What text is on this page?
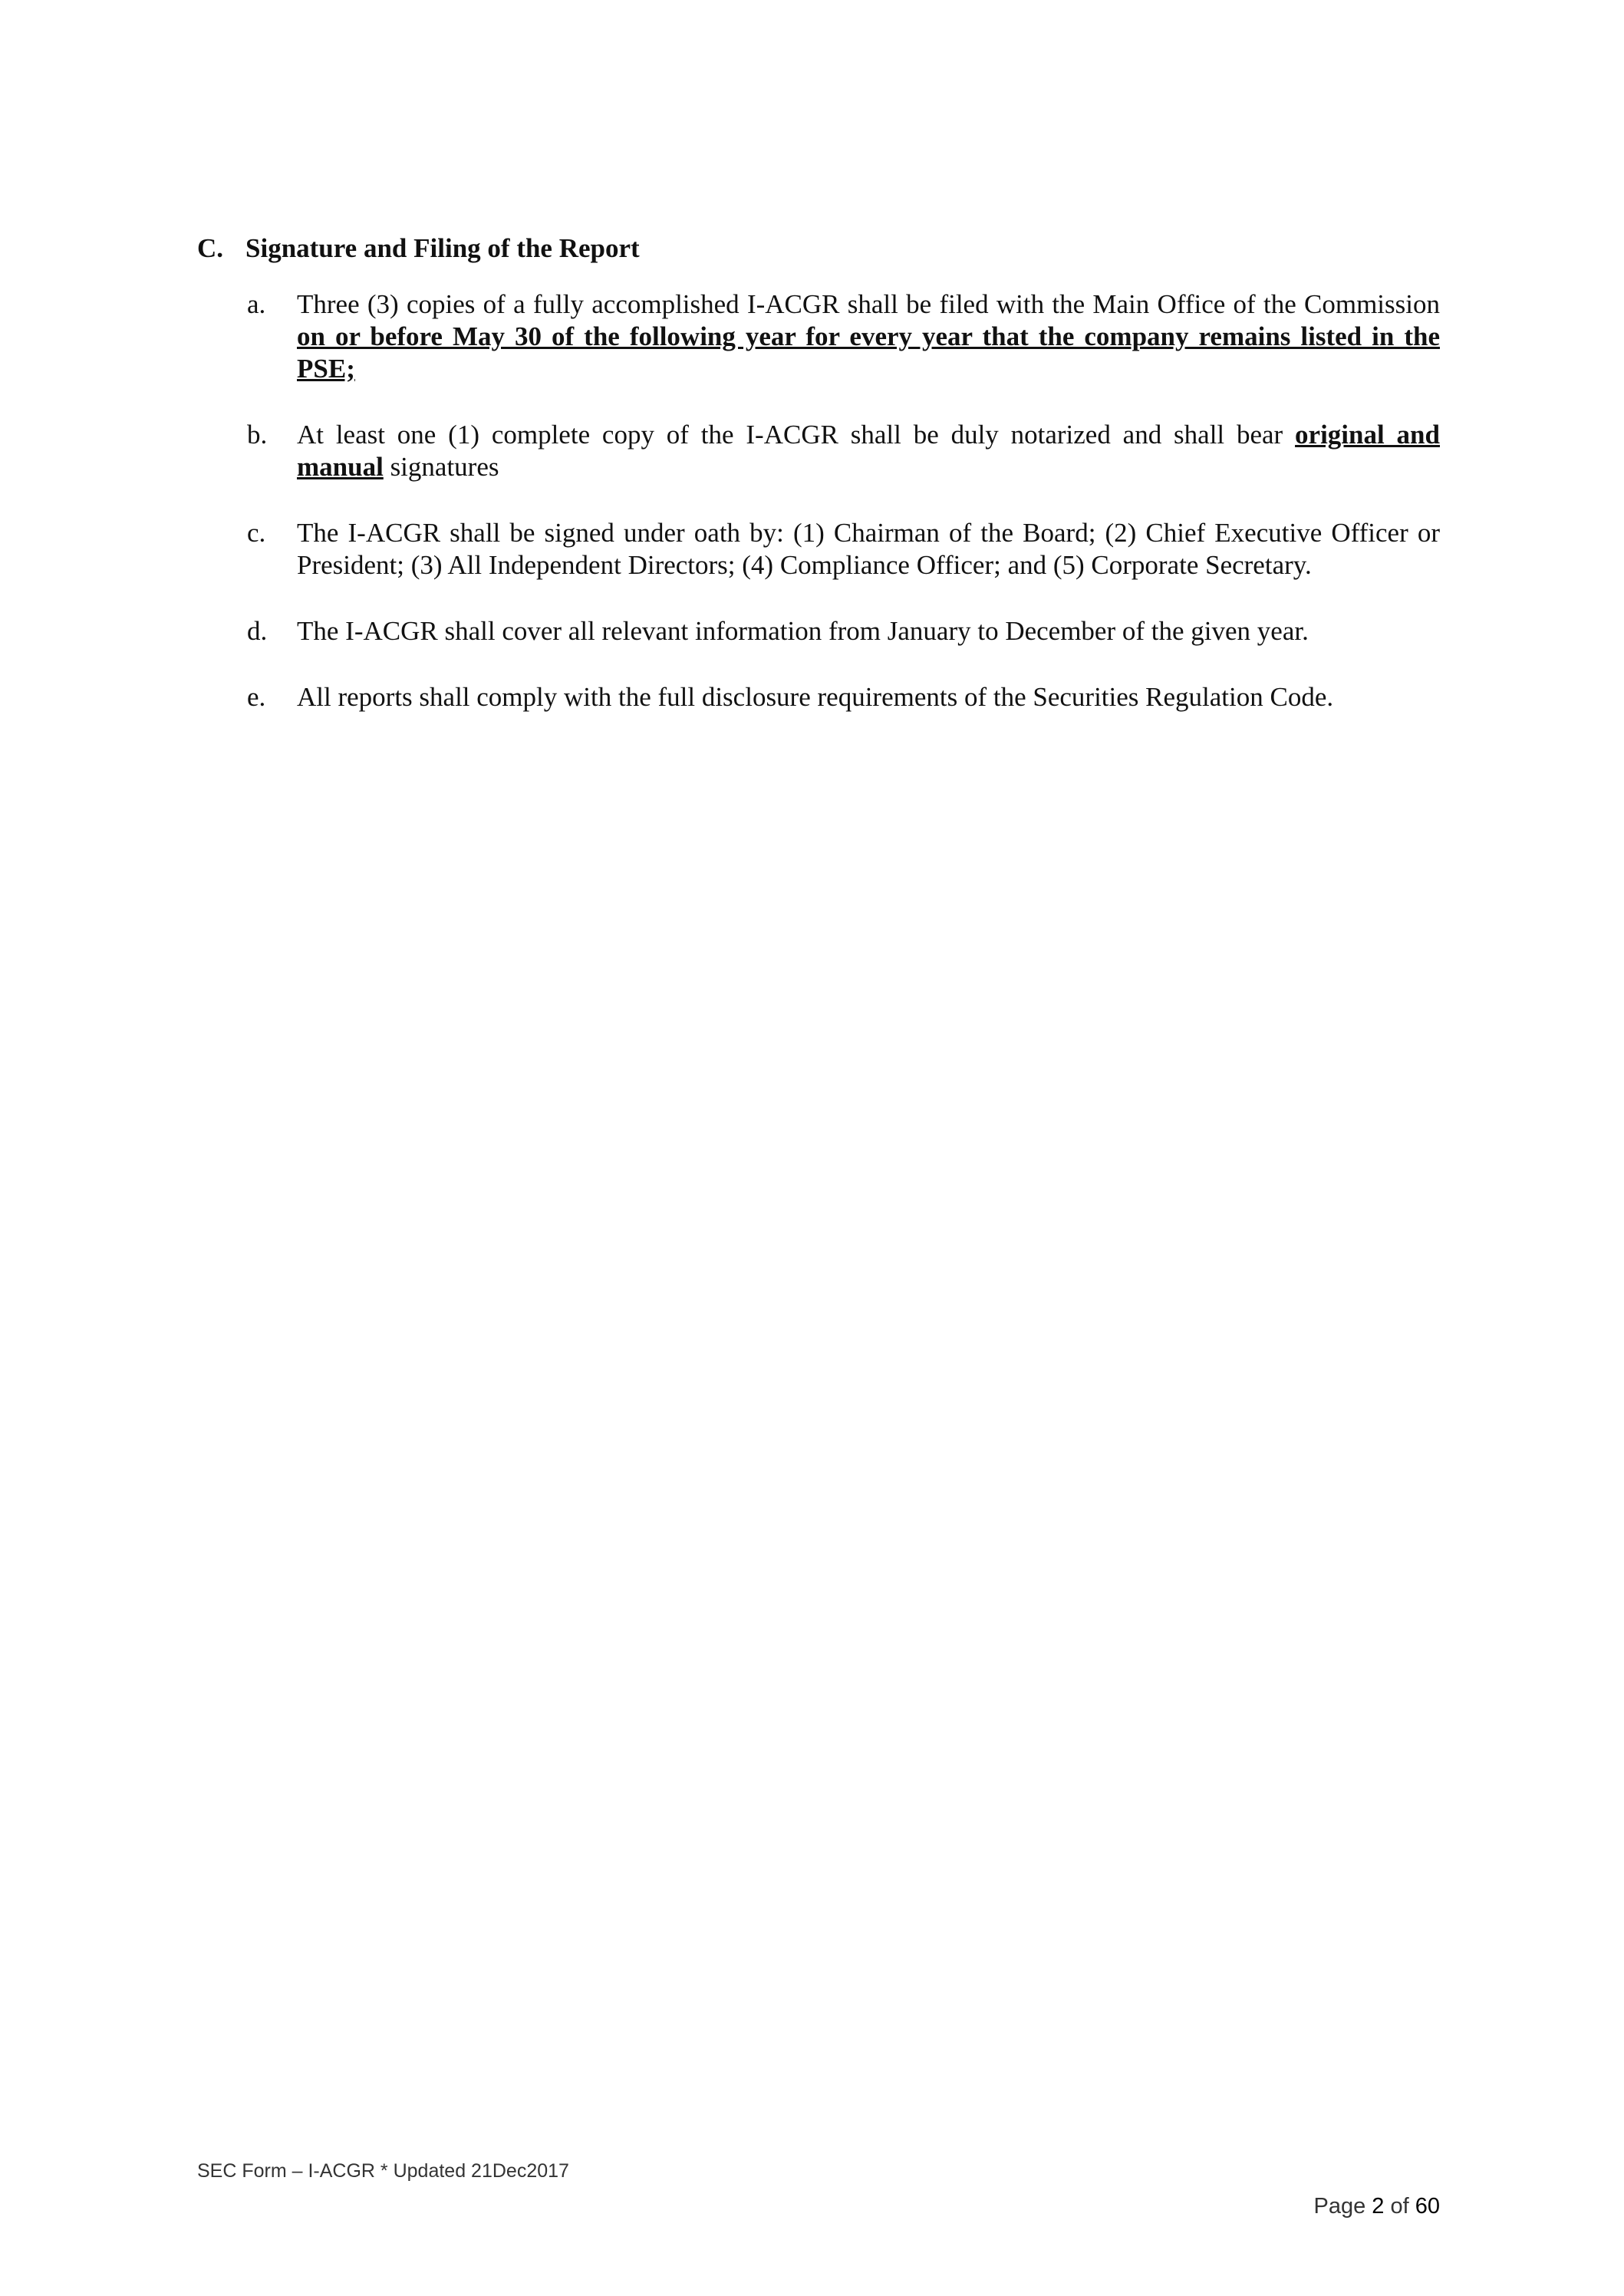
C. Signature and Filing of the Report
a. Three (3) copies of a fully accomplished I-ACGR shall be filed with the Main Office of the Commission on or before May 30 of the following year for every year that the company remains listed in the PSE;
b. At least one (1) complete copy of the I-ACGR shall be duly notarized and shall bear original and manual signatures
c. The I-ACGR shall be signed under oath by: (1) Chairman of the Board; (2) Chief Executive Officer or President; (3) All Independent Directors; (4) Compliance Officer; and (5) Corporate Secretary.
d. The I-ACGR shall cover all relevant information from January to December of the given year.
e. All reports shall comply with the full disclosure requirements of the Securities Regulation Code.
SEC Form – I-ACGR * Updated 21Dec2017
Page 2 of 60
